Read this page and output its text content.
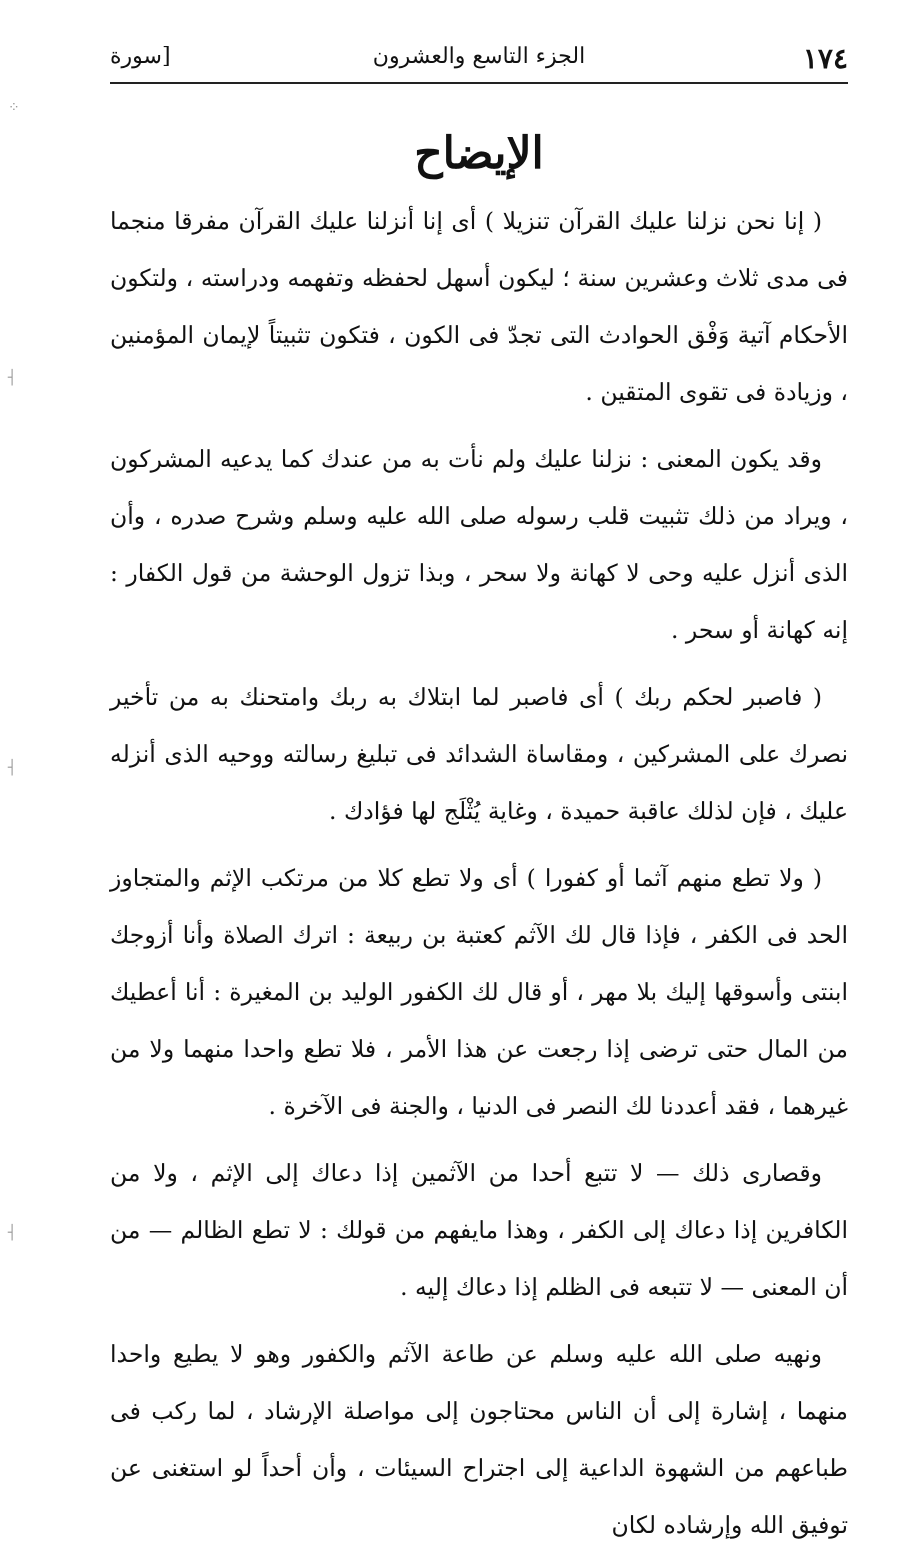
⁘
┤
┤
┤
١٧٤
الجزء التاسع والعشرون
[سورة
الإيضاح

( إنا نحن نزلنا عليك القرآن تنزيلا ) أى إنا أنزلنا عليك القرآن مفرقا منجما فى مدى ثلاث وعشرين سنة ؛ ليكون أسهل لحفظه وتفهمه ودراسته ، ولتكون الأحكام آتية وَفْق الحوادث التى تجدّ فى الكون ، فتكون تثبيتاً لإيمان المؤمنين ، وزيادة فى تقوى المتقين .

وقد يكون المعنى : نزلنا عليك ولم نأت به من عندك كما يدعيه المشركون ، ويراد من ذلك تثبيت قلب رسوله صلى الله عليه وسلم وشرح صدره ، وأن الذى أنزل عليه وحى لا كهانة ولا سحر ، وبذا تزول الوحشة من قول الكفار : إنه كهانة أو سحر .

( فاصبر لحكم ربك ) أى فاصبر لما ابتلاك به ربك وامتحنك به من تأخير نصرك على المشركين ، ومقاساة الشدائد فى تبليغ رسالته ووحيه الذى أنزله عليك ، فإن لذلك عاقبة حميدة ، وغاية يُثْلَج لها فؤادك .

( ولا تطع منهم آثما أو كفورا ) أى ولا تطع كلا من مرتكب الإثم والمتجاوز الحد فى الكفر ، فإذا قال لك الآثم كعتبة بن ربيعة : اترك الصلاة وأنا أزوجك ابنتى وأسوقها إليك بلا مهر ، أو قال لك الكفور الوليد بن المغيرة : أنا أعطيك من المال حتى ترضى إذا رجعت عن هذا الأمر ، فلا تطع واحدا منهما ولا من غيرهما ، فقد أعددنا لك النصر فى الدنيا ، والجنة فى الآخرة .

وقصارى ذلك — لا تتبع أحدا من الآثمين إذا دعاك إلى الإثم ، ولا من الكافرين إذا دعاك إلى الكفر ، وهذا مايفهم من قولك : لا تطع الظالم — من أن المعنى — لا تتبعه فى الظلم إذا دعاك إليه .

ونهيه صلى الله عليه وسلم عن طاعة الآثم والكفور وهو لا يطيع واحدا منهما ، إشارة إلى أن الناس محتاجون إلى مواصلة الإرشاد ، لما ركب فى طباعهم من الشهوة الداعية إلى اجتراح السيئات ، وأن أحداً لو استغنى عن توفيق الله وإرشاده لكان
